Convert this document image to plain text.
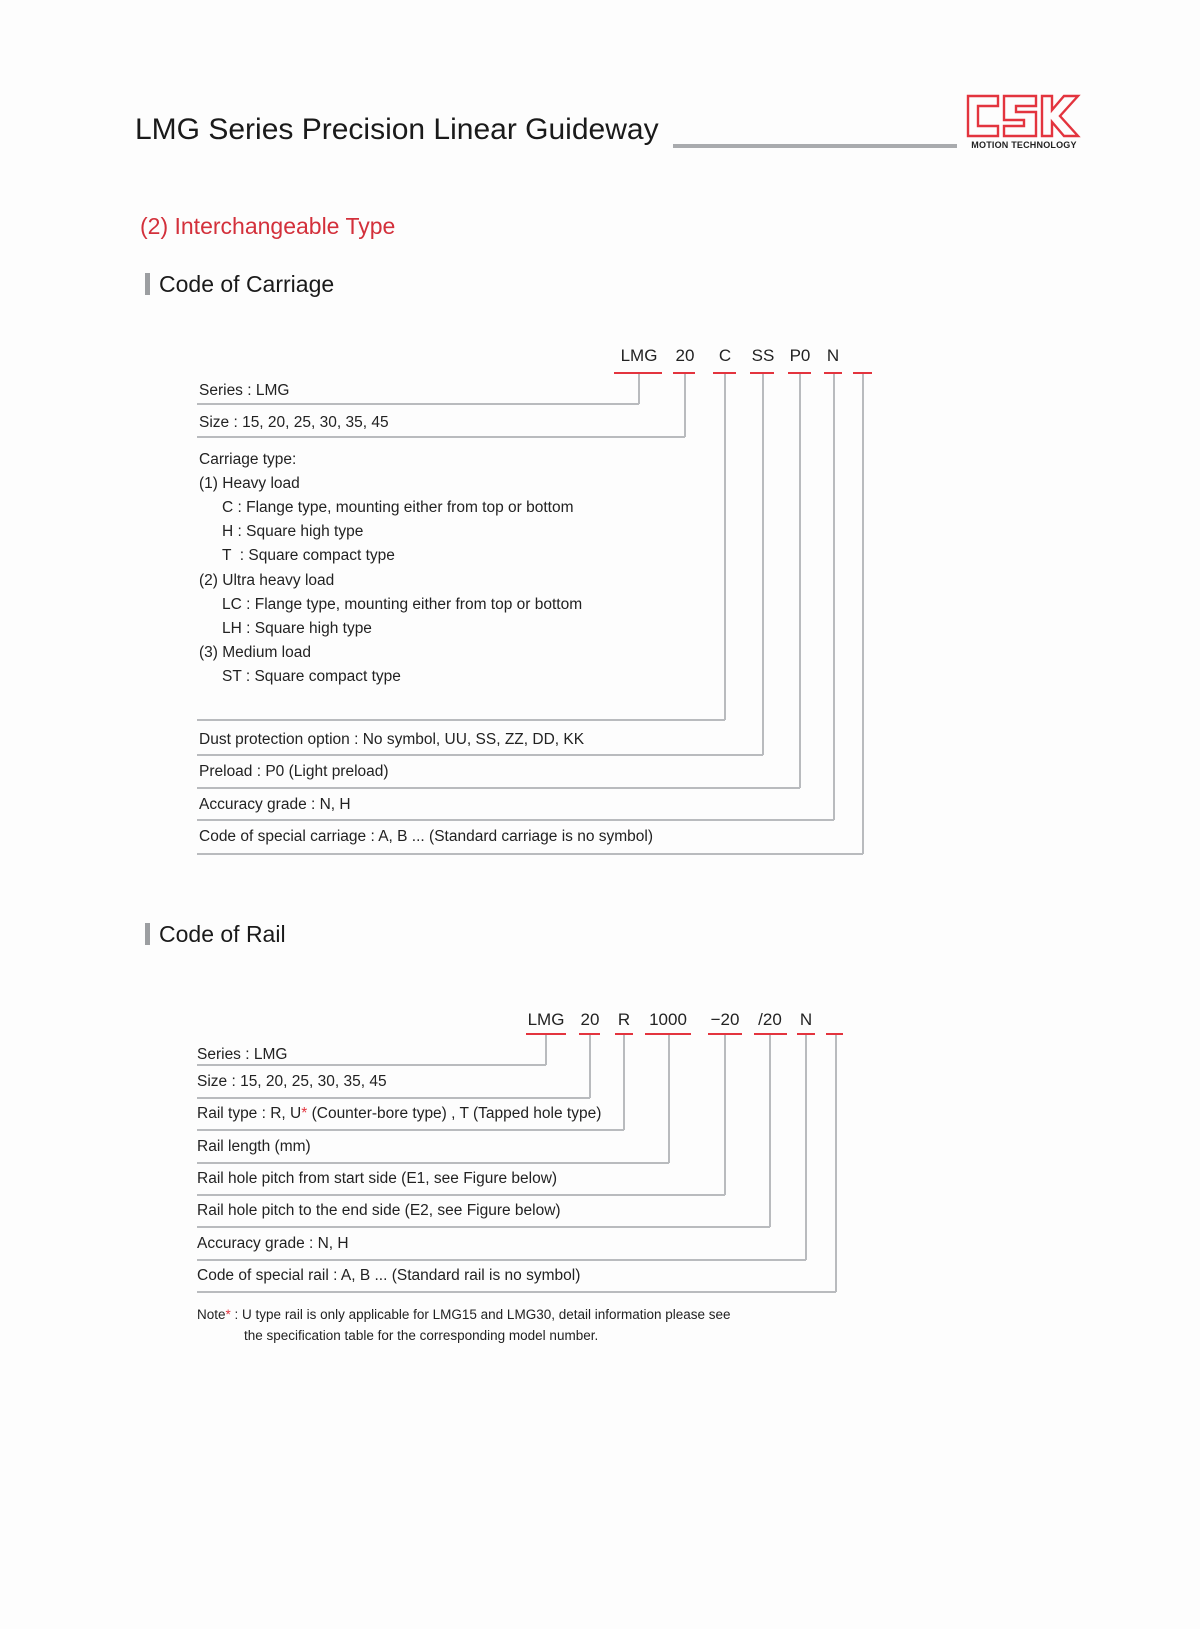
LMG Series Precision Linear Guideway	MOTION TECHNOLOGY
(2) Interchangeable Type
Code of Carriage
LMG	20 C SS P0 N
Series : LMG
Size : 15, 20, 25, 30, 35, 45
Carriage type:
(1) Heavy load
C : Flange type, mounting either from top or bottom
H : Square high type
T  : Square compact type
(2) Ultra heavy load
LC : Flange type, mounting either from top or bottom
LH : Square high type
(3) Medium load
ST : Square compact type
Dust protection option : No symbol, UU, SS, ZZ, DD, KK
Preload : P0 (Light preload)
Accuracy grade : N, H
Code of special carriage : A, B ... (Standard carriage is no symbol)
Code of Rail
LMG 20 R 1000 −20 /20 N
Series : LMG
Size : 15, 20, 25, 30, 35, 45
Rail type : R, U* (Counter-bore type) , T (Tapped hole type)
Rail length (mm)
Rail hole pitch from start side (E1, see Figure below)
Rail hole pitch to the end side (E2, see Figure below)
Accuracy grade : N, H
Code of special rail : A, B ... (Standard rail is no symbol)
Note* : U type rail is only applicable for LMG15 and LMG30, detail information please see
the specification table for the corresponding model number.
